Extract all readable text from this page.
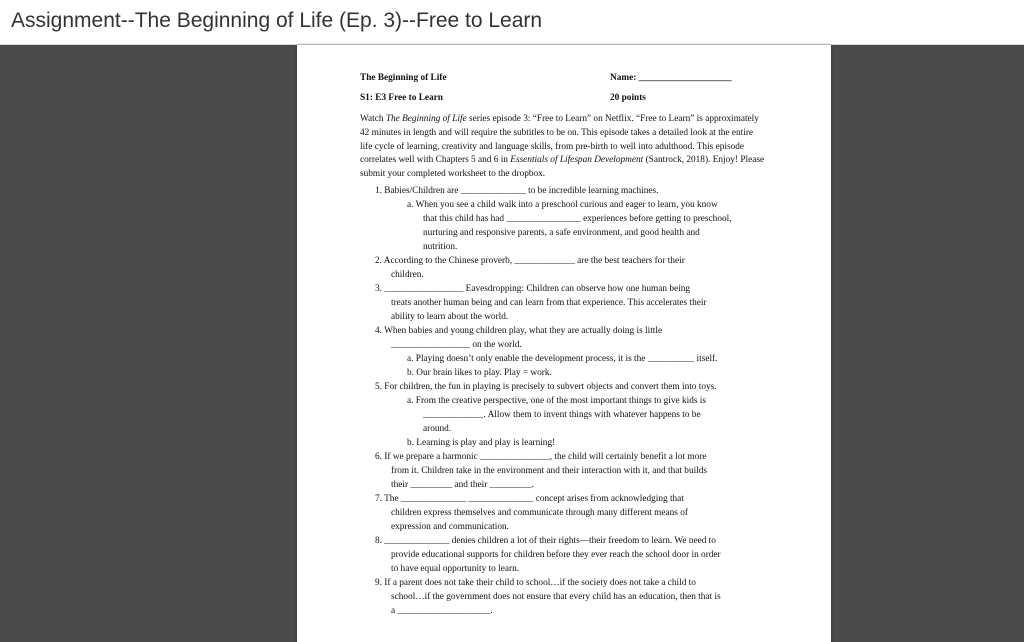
Assignment--The Beginning of Life (Ep. 3)--Free to Learn
The Beginning of Life	Name: ____________________
S1: E3 Free to Learn	20 points
Watch The Beginning of Life series episode 3: “Free to Learn” on Netflix. “Free to Learn” is approximately 42 minutes in length and will require the subtitles to be on. This episode takes a detailed look at the entire life cycle of learning, creativity and language skills, from pre-birth to well into adulthood. This episode correlates well with Chapters 5 and 6 in Essentials of Lifespan Development (Santrock, 2018). Enjoy! Please submit your completed worksheet to the dropbox.
1. Babies/Children are ______________ to be incredible learning machines.
a. When you see a child walk into a preschool curious and eager to learn, you know
that this child has had ________________ experiences before getting to preschool,
nurturing and responsive parents, a safe environment, and good health and
nutrition.
2. According to the Chinese proverb, _____________ are the best teachers for their
children.
3. _________________ Eavesdropping: Children can observe how one human being
treats another human being and can learn from that experience. This accelerates their
ability to learn about the world.
4. When babies and young children play, what they are actually doing is little
_________________ on the world.
a. Playing doesn’t only enable the development process, it is the __________ itself.
b. Our brain likes to play. Play = work.
5. For children, the fun in playing is precisely to subvert objects and convert them into toys.
a. From the creative perspective, one of the most important things to give kids is
_____________. Allow them to invent things with whatever happens to be
around.
b. Learning is play and play is learning!
6. If we prepare a harmonic _______________, the child will certainly benefit a lot more
from it. Children take in the environment and their interaction with it, and that builds
their _________ and their _________.
7. The ______________ ______________ concept arises from acknowledging that
children express themselves and communicate through many different means of
expression and communication.
8. ______________ denies children a lot of their rights—their freedom to learn. We need to
provide educational supports for children before they ever reach the school door in order
to have equal opportunity to learn.
9. If a parent does not take their child to school…if the society does not take a child to
school…if the government does not ensure that every child has an education, then that is
a ____________________.
